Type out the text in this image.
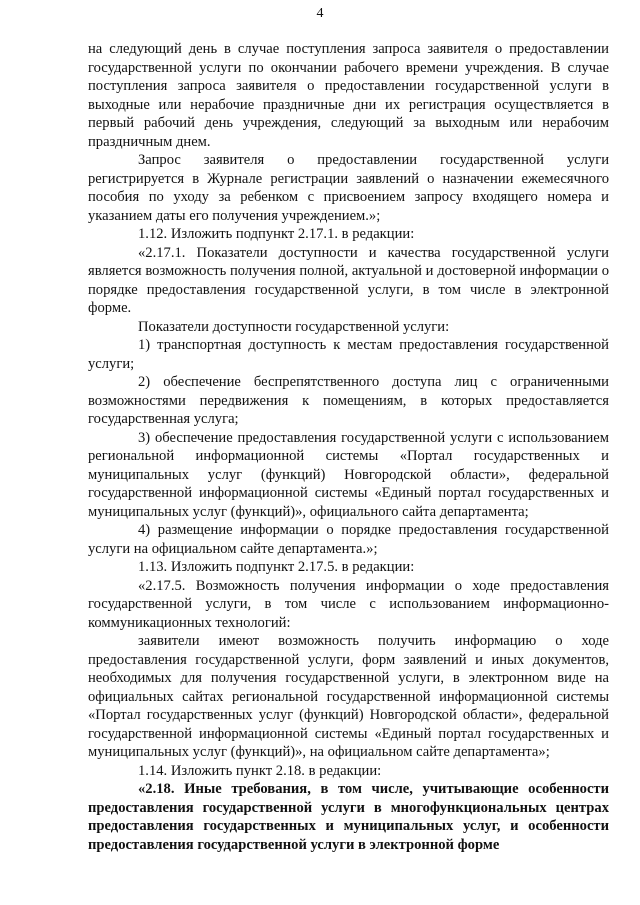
4

на следующий день в случае поступления запроса заявителя о предоставлении государственной услуги по окончании рабочего времени учреждения. В случае поступления запроса заявителя о предоставлении государственной услуги в выходные или нерабочие праздничные дни их регистрация осуществляется в первый рабочий день учреждения, следующий за выходным или нерабочим праздничным днем.

Запрос заявителя о предоставлении государственной услуги регистрируется в Журнале регистрации заявлений о назначении ежемесячного пособия по уходу за ребенком с присвоением запросу входящего номера и указанием даты его получения учреждением.»;

1.12. Изложить подпункт 2.17.1. в редакции:

«2.17.1. Показатели доступности и качества государственной услуги является возможность получения полной, актуальной и достоверной информации о порядке предоставления государственной услуги, в том числе в электронной форме.

Показатели доступности государственной услуги:

1) транспортная доступность к местам предоставления государственной услуги;

2) обеспечение беспрепятственного доступа лиц с ограниченными возможностями передвижения к помещениям, в которых предоставляется государственная услуга;

3) обеспечение предоставления государственной услуги с использованием региональной информационной системы «Портал государственных и муниципальных услуг (функций) Новгородской области», федеральной государственной информационной системы «Единый портал государственных и муниципальных услуг (функций)», официального сайта департамента;

4) размещение информации о порядке предоставления государственной услуги на официальном сайте департамента.»;

1.13. Изложить подпункт 2.17.5. в редакции:

«2.17.5. Возможность получения информации о ходе предоставления государственной услуги, в том числе с использованием информационно-коммуникационных технологий:

заявители имеют возможность получить информацию о ходе предоставления государственной услуги, форм заявлений и иных документов, необходимых для получения государственной услуги, в электронном виде на официальных сайтах региональной государственной информационной системы «Портал государственных услуг (функций) Новгородской области», федеральной государственной информационной системы «Единый портал государственных и муниципальных услуг (функций)», на официальном сайте департамента»;

1.14. Изложить пункт 2.18. в редакции:

«2.18. Иные требования, в том числе, учитывающие особенности предоставления государственной услуги в многофункциональных центрах предоставления государственных и муниципальных услуг, и особенности предоставления государственной услуги в электронной форме
